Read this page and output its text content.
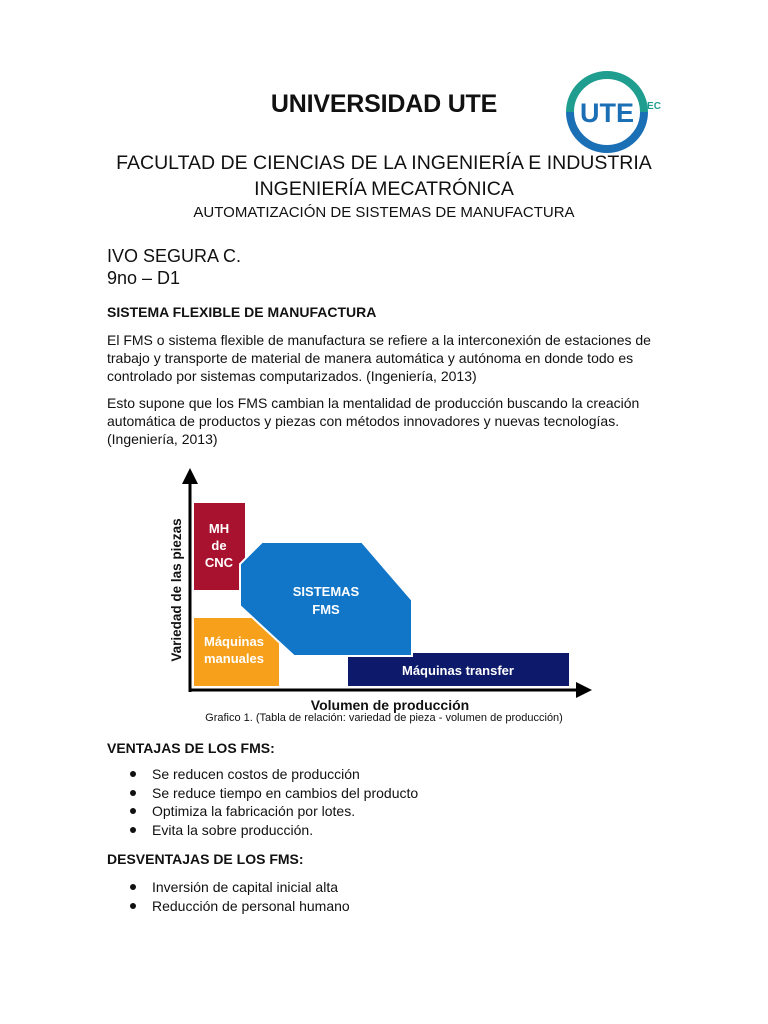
UNIVERSIDAD UTE	UTE EC
FACULTAD DE CIENCIAS DE LA INGENIERÍA E INDUSTRIA
INGENIERÍA MECATRÓNICA
AUTOMATIZACIÓN DE SISTEMAS DE MANUFACTURA
IVO SEGURA C.
9no – D1
SISTEMA FLEXIBLE DE MANUFACTURA
El FMS o sistema flexible de manufactura se refiere a la interconexión de estaciones de trabajo y transporte de material de manera automática y autónoma en donde todo es controlado por sistemas computarizados. (Ingeniería, 2013)
Esto supone que los FMS cambian la mentalidad de producción buscando la creación automática de productos y piezas con métodos innovadores y nuevas tecnologías. (Ingeniería, 2013)
MH
de
CNC
Máquinas
manuales
Máquinas transfer
SISTEMAS
FMS
Variedad de las piezas
Volumen de producción
Grafico 1. (Tabla de relación: variedad de pieza - volumen de producción)
VENTAJAS DE LOS FMS:
Se reducen costos de producción
Se reduce tiempo en cambios del producto
Optimiza la fabricación por lotes.
Evita la sobre producción.
DESVENTAJAS DE LOS FMS:
Inversión de capital inicial alta
Reducción de personal humano
